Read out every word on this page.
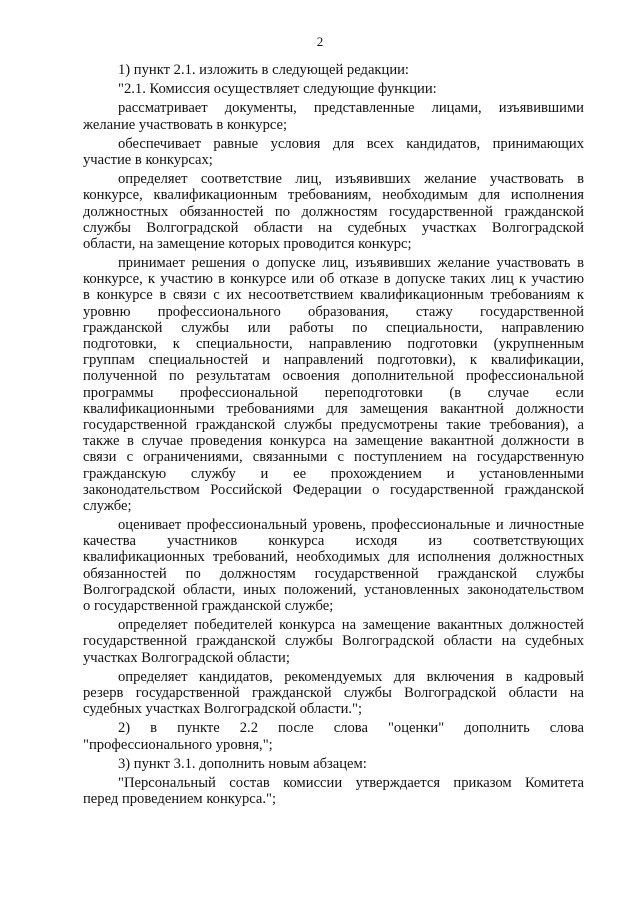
2
1) пункт 2.1. изложить в следующей редакции:
"2.1. Комиссия осуществляет следующие функции:
рассматривает документы, представленные лицами, изъявившими
желание участвовать в конкурсе;
обеспечивает равные условия для всех кандидатов, принимающих
участие в конкурсах;
определяет соответствие лиц, изъявивших желание участвовать в
конкурсе, квалификационным требованиям, необходимым для исполнения
должностных обязанностей по должностям государственной гражданской
службы Волгоградской области на судебных участках Волгоградской
области, на замещение которых проводится конкурс;
принимает решения о допуске лиц, изъявивших желание участвовать в
конкурсе, к участию в конкурсе или об отказе в допуске таких лиц к участию
в конкурсе в связи с их несоответствием квалификационным требованиям к
уровню профессионального образования, стажу государственной
гражданской службы или работы по специальности, направлению
подготовки, к специальности, направлению подготовки (укрупненным
группам специальностей и направлений подготовки), к квалификации,
полученной по результатам освоения дополнительной профессиональной
программы профессиональной переподготовки (в случае если
квалификационными требованиями для замещения вакантной должности
государственной гражданской службы предусмотрены такие требования), а
также в случае проведения конкурса на замещение вакантной должности в
связи с ограничениями, связанными с поступлением на государственную
гражданскую службу и ее прохождением и установленными
законодательством Российской Федерации о государственной гражданской
службе;
оценивает профессиональный уровень, профессиональные и личностные
качества участников конкурса исходя из соответствующих
квалификационных требований, необходимых для исполнения должностных
обязанностей по должностям государственной гражданской службы
Волгоградской области, иных положений, установленных законодательством
о государственной гражданской службе;
определяет победителей конкурса на замещение вакантных должностей
государственной гражданской службы Волгоградской области на судебных
участках Волгоградской области;
определяет кандидатов, рекомендуемых для включения в кадровый
резерв государственной гражданской службы Волгоградской области на
судебных участках Волгоградской области.";
2) в пункте 2.2 после слова "оценки" дополнить слова
"профессионального уровня,";
3) пункт 3.1. дополнить новым абзацем:
"Персональный состав комиссии утверждается приказом Комитета
перед проведением конкурса.";
